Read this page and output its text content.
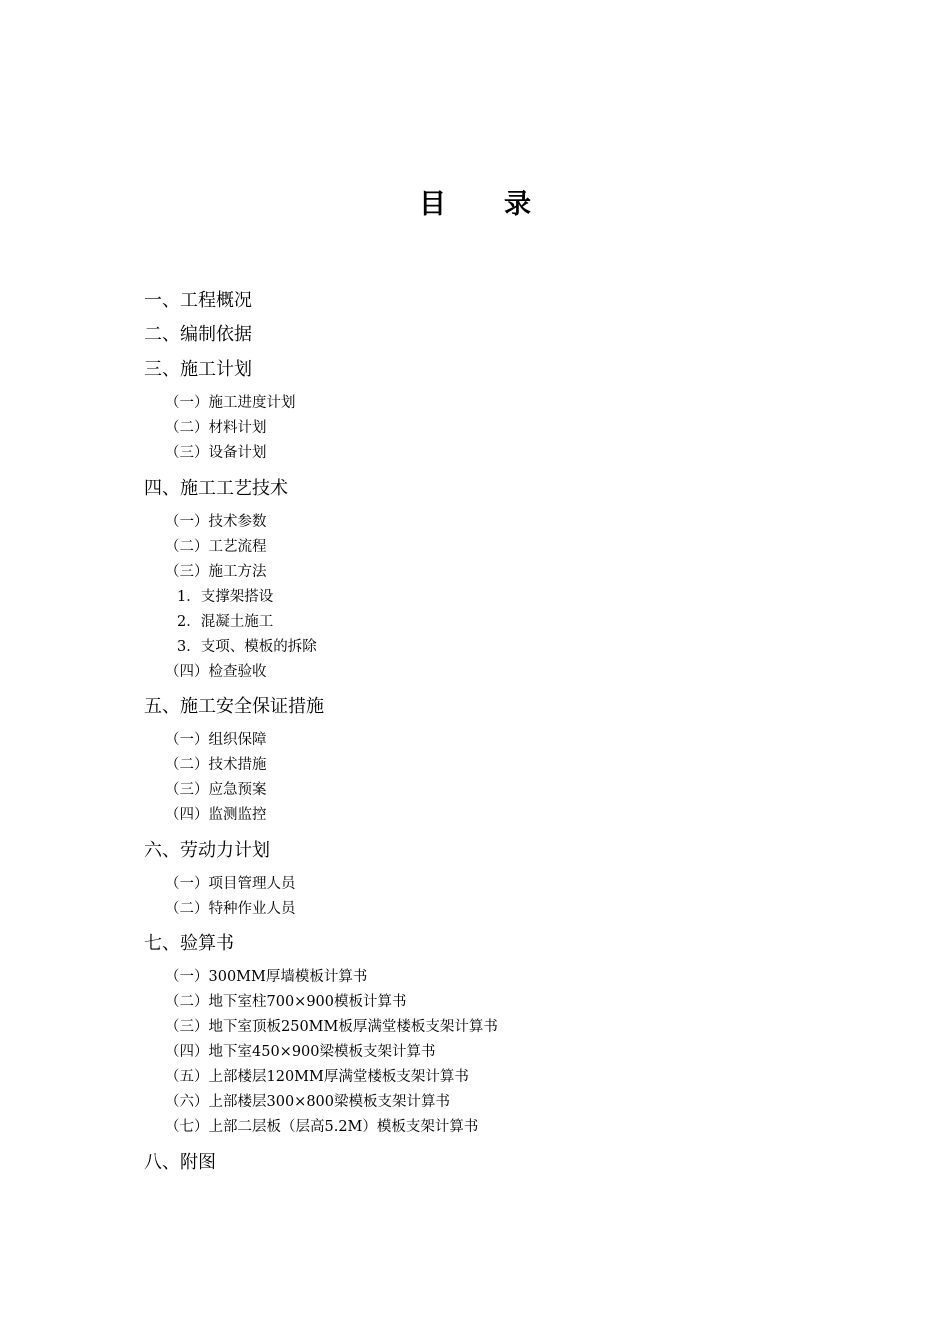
目 录
一、工程概况
二、编制依据
三、施工计划
（一）施工进度计划
（二）材料计划
（三）设备计划
四、施工工艺技术
（一）技术参数
（二）工艺流程
（三）施工方法
1．支撑架搭设
2．混凝土施工
3．支项、模板的拆除
（四）检查验收
五、施工安全保证措施
（一）组织保障
（二）技术措施
（三）应急预案
（四）监测监控
六、劳动力计划
（一）项目管理人员
（二）特种作业人员
七、验算书
（一）300MM厚墙模板计算书
（二）地下室柱700×900模板计算书
（三）地下室顶板250MM板厚满堂楼板支架计算书
（四）地下室450×900梁模板支架计算书
（五）上部楼层120MM厚满堂楼板支架计算书
（六）上部楼层300×800梁模板支架计算书
（七）上部二层板（层高5.2M）模板支架计算书
八、附图
